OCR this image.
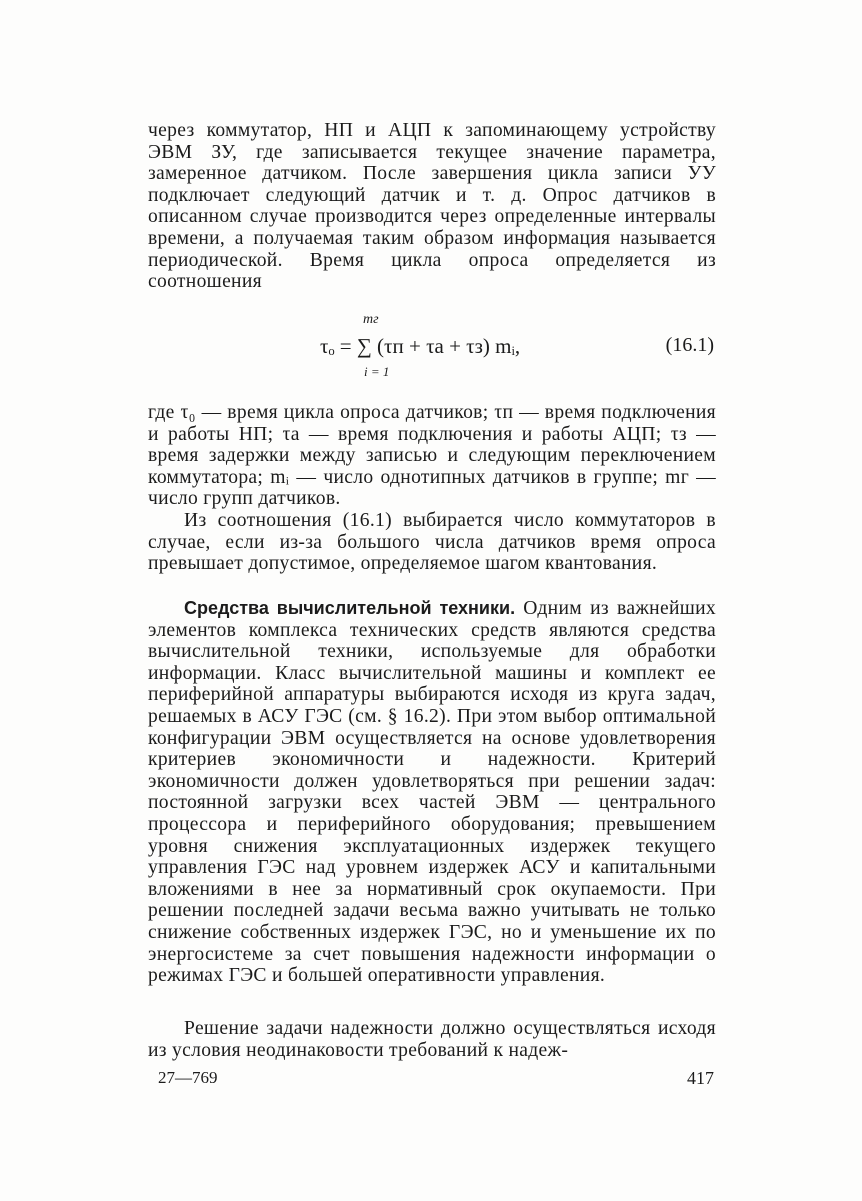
через коммутатор, НП и АЦП к запоминающему устройству ЭВМ ЗУ, где записывается текущее значение параметра, замеренное датчиком. После завершения цикла записи УУ подключает следующий датчик и т. д. Опрос датчиков в описанном случае производится через определенные интервалы времени, а получаемая таким образом информация называется периодической. Время цикла опроса определяется из соотношения

mг
τₒ = ∑ (τп + τа + τз) mᵢ,
i = 1
(16.1)

где τ₀ — время цикла опроса датчиков; τп — время подключения и работы НП; τа — время подключения и работы АЦП; τз — время задержки между записью и следующим переключением коммутатора; mᵢ — число однотипных датчиков в группе; mг — число групп датчиков.

Из соотношения (16.1) выбирается число коммутаторов в случае, если из-за большого числа датчиков время опроса превышает допустимое, определяемое шагом квантования.

Средства вычислительной техники. Одним из важнейших элементов комплекса технических средств являются средства вычислительной техники, используемые для обработки информации. Класс вычислительной машины и комплект ее периферийной аппаратуры выбираются исходя из круга задач, решаемых в АСУ ГЭС (см. § 16.2). При этом выбор оптимальной конфигурации ЭВМ осуществляется на основе удовлетворения критериев экономичности и надежности. Критерий экономичности должен удовлетворяться при решении задач: постоянной загрузки всех частей ЭВМ — центрального процессора и периферийного оборудования; превышением уровня снижения эксплуатационных издержек текущего управления ГЭС над уровнем издержек АСУ и капитальными вложениями в нее за нормативный срок окупаемости. При решении последней задачи весьма важно учитывать не только снижение собственных издержек ГЭС, но и уменьшение их по энергосистеме за счет повышения надежности информации о режимах ГЭС и большей оперативности управления.

Решение задачи надежности должно осуществляться исходя из условия неодинаковости требований к надеж-

27—769	417
